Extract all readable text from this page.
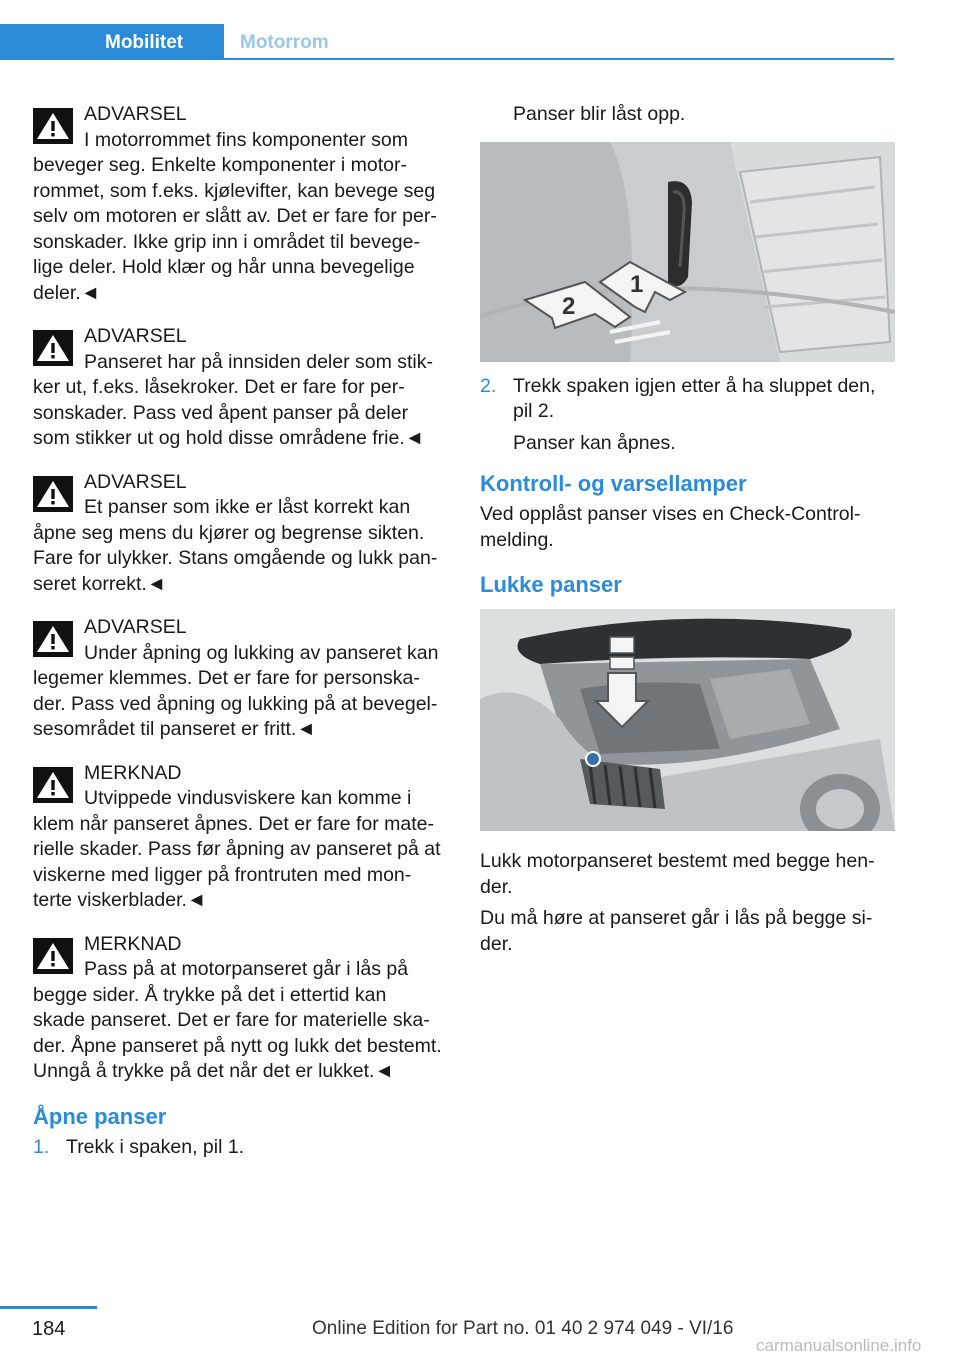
Mobilitet	Motorrom
ADVARSEL

I motorrommet fins komponenter som beveger seg. Enkelte komponenter i motorrommet, som f.eks. kjølevifter, kan bevege seg selv om motoren er slått av. Det er fare for personskader. Ikke grip inn i området til bevegelige deler. Hold klær og hår unna bevegelige deler.◄

ADVARSEL

Panseret har på innsiden deler som stikker ut, f.eks. låsekroker. Det er fare for personskader. Pass ved åpent panser på deler som stikker ut og hold disse områdene frie.◄

ADVARSEL

Et panser som ikke er låst korrekt kan åpne seg mens du kjører og begrense sikten. Fare for ulykker. Stans omgående og lukk panseret korrekt.◄

ADVARSEL

Under åpning og lukking av panseret kan legemer klemmes. Det er fare for personskader. Pass ved åpning og lukking på at bevegelsesområdet til panseret er fritt.◄

MERKNAD

Utvippede vindusviskere kan komme i klem når panseret åpnes. Det er fare for materielle skader. Pass før åpning av panseret på at viskerne med ligger på frontruten med monterte viskerblader.◄

MERKNAD

Pass på at motorpanseret går i lås på begge sider. Å trykke på det i ettertid kan skade panseret. Det er fare for materielle skader. Åpne panseret på nytt og lukk det bestemt. Unngå å trykke på det når det er lukket.◄

Åpne panser
1. Trekk i spaken, pil 1.

Panser blir låst opp.

2
1
2. Trekk spaken igjen etter å ha sluppet den, pil 2.

Panser kan åpnes.

Kontroll- og varsellamper

Ved opplåst panser vises en Check-Control-melding.

Lukke panser

Lukk motorpanseret bestemt med begge hender.

Du må høre at panseret går i lås på begge sider.

184	Online Edition for Part no. 01 40 2 974 049 - VI/16
carmanualsonline.info
